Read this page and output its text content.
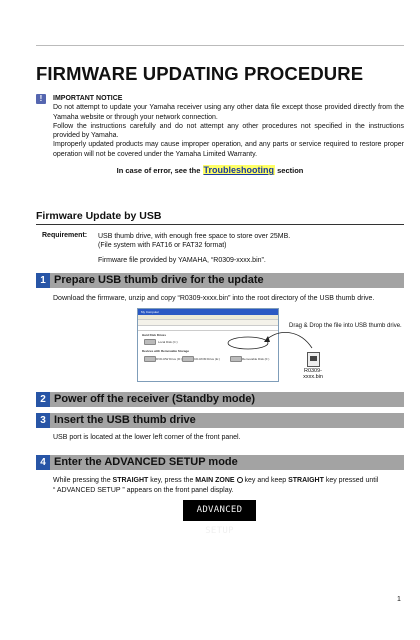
FIRMWARE UPDATING PROCEDURE
!	IMPORTANT NOTICE

Do not attempt to update your Yamaha receiver using any other data file except those provided directly from the Yamaha website or through your network connection.

Follow the instructions carefully and do not attempt any other procedures not specified in the instructions provided by Yamaha.

Improperly updated products may cause improper operation, and any parts or service required to restore proper operation will not be covered under the Yamaha Limited Warranty.

In case of error, see the Troubleshooting section
Firmware Update by USB
Requirement: USB thumb drive, with enough free space to store over 25MB.

(File system with FAT16 or FAT32 format)

Firmware file provided by YAMAHA, “R0309-xxxx.bin”.

1 Prepare USB thumb drive for the update
Download the firmware, unzip and copy “R0309-xxxx.bin” into the root directory of the USB thumb drive.
My Computer
Hard Disk Drives
Local Disk (C:)
Devices with Removable Storage
DVD-RW Drive (D:)	CD-ROM Drive (E:)	Removable Disk (F:)
Drag & Drop the file into USB thumb drive.
R0309-xxxx.bin
2 Power off the receiver (Standby mode)
3 Insert the USB thumb drive
USB port is located at the lower left corner of the front panel.
4 Enter the ADVANCED SETUP mode
While pressing the STRAIGHT key, press the MAIN ZONE key and keep STRAIGHT key pressed until
“ ADVANCED SETUP ” appears on the front panel display.
ADVANCED SETUP
1
